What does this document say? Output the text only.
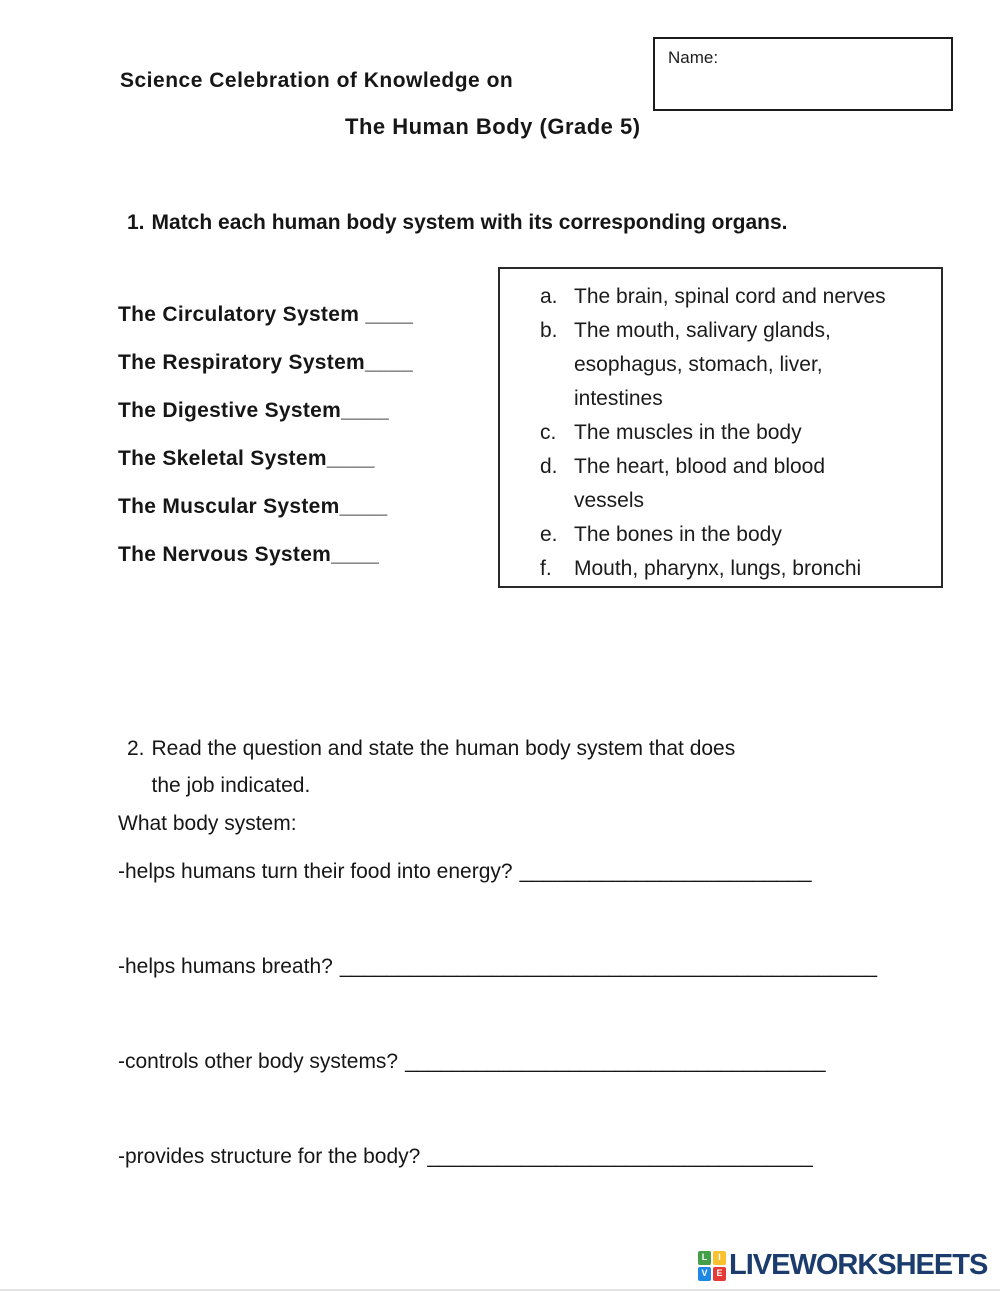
Name:
Science Celebration of Knowledge on
The Human Body (Grade 5)
1. Match each human body system with its corresponding organs.
The Circulatory System ____
The Respiratory System____
The Digestive System____
The Skeletal System____
The Muscular System____
The Nervous System____
a. The brain, spinal cord and nerves
b. The mouth, salivary glands,
esophagus, stomach, liver,
intestines
c. The muscles in the body
d. The heart, blood and blood
vessels
e. The bones in the body
f.	Mouth, pharynx, lungs, bronchi
2. Read the question and state the human body system that does
the job indicated.
What body system:
-helps humans turn their food into energy? _________________________
-helps humans breath? ______________________________________________
-controls other body systems? ____________________________________
-provides structure for the body? _________________________________
L	I
V E LIVEWORKSHEETS
